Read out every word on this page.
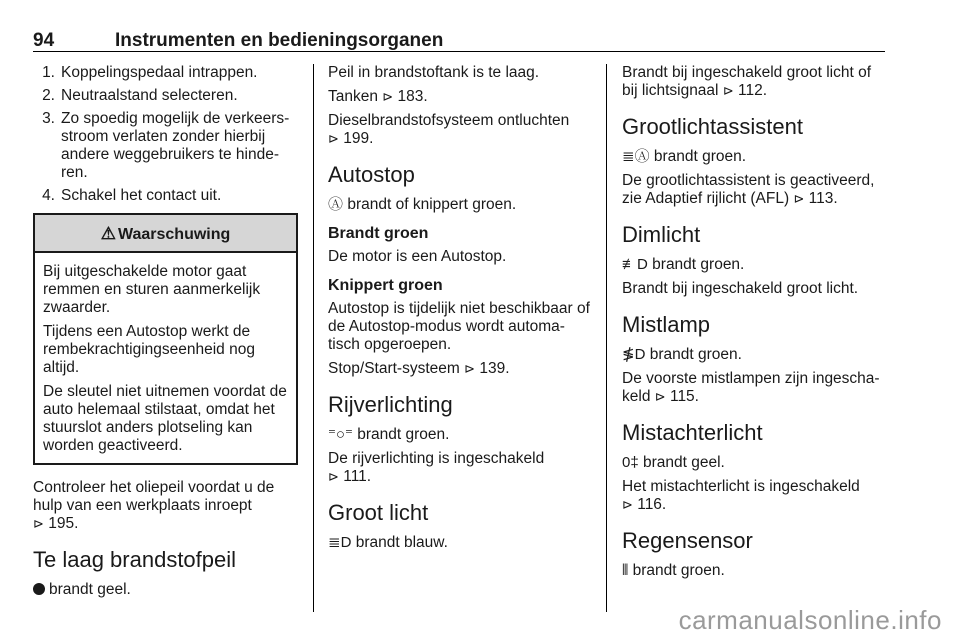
94	Instrumenten en bedieningsorganen
1. Koppelingspedaal intrappen.
2. Neutraalstand selecteren.
3. Zo spoedig mogelijk de verkeersstroom verlaten zonder hierbij andere weggebruikers te hinderen.
4. Schakel het contact uit.
⚠ Waarschuwing

Bij uitgeschakelde motor gaat remmen en sturen aanmerkelijk zwaarder.

Tijdens een Autostop werkt de rembekrachtigingseenheid nog altijd.

De sleutel niet uitnemen voordat de auto helemaal stilstaat, omdat het stuurslot anders plotseling kan worden geactiveerd.

Controleer het oliepeil voordat u de hulp van een werkplaats inroept
⊳ 195.

Te laag brandstofpeil

brandt geel.

Peil in brandstoftank is te laag.

Tanken ⊳ 183.

Dieselbrandstofsysteem ontluchten
⊳ 199.

Autostop

Ⓐ brandt of knippert groen.

Brandt groen

De motor is een Autostop.

Knippert groen

Autostop is tijdelijk niet beschikbaar of de Autostop-modus wordt automatisch opgeroepen.

Stop/Start-systeem ⊳ 139.

Rijverlichting

⁼○⁼ brandt groen.

De rijverlichting is ingeschakeld
⊳ 111.

Groot licht

≣D brandt blauw.

Brandt bij ingeschakeld groot licht of bij lichtsignaal ⊳ 112.

Grootlichtassistent

≣Ⓐ brandt groen.

De grootlichtassistent is geactiveerd, zie Adaptief rijlicht (AFL) ⊳ 113.

Dimlicht

≢D brandt groen.

Brandt bij ingeschakeld groot licht.

Mistlamp

≸D brandt groen.

De voorste mistlampen zijn ingeschakeld ⊳ 115.

Mistachterlicht

0‡ brandt geel.

Het mistachterlicht is ingeschakeld
⊳ 116.

Regensensor

⫴ brandt groen.

carmanualsonline.info
